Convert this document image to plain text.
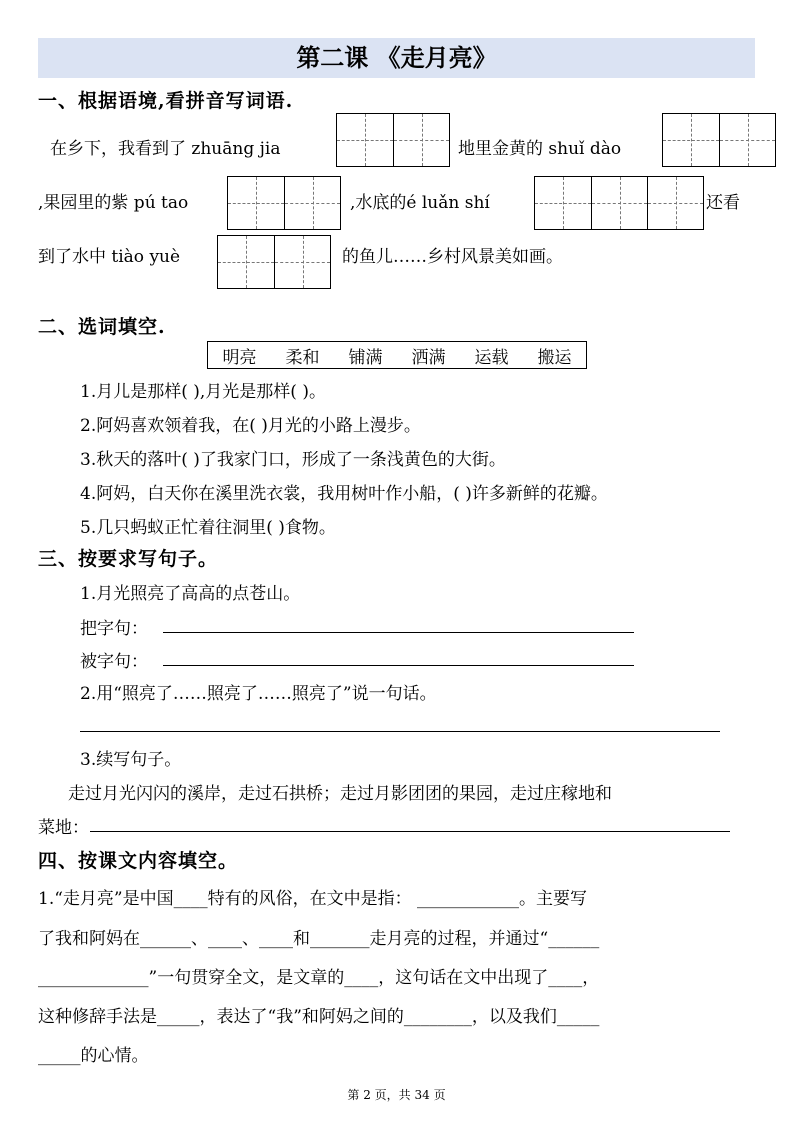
第二课 《走月亮》
一、根据语境,看拼音写词语.
在乡下，我看到了 zhuāng jia	地里金黄的 shuǐ dào
,果园里的紫 pú tao	,水底的é luǎn shí	还看
到了水中 tiào yuè	的鱼儿……乡村风景美如画。
二、选词填空.
明亮 柔和 铺满 洒满 运载 搬运
1.月儿是那样( ),月光是那样( )。
2.阿妈喜欢领着我，在( )月光的小路上漫步。
3.秋天的落叶( )了我家门口，形成了一条浅黄色的大街。
4.阿妈，白天你在溪里洗衣裳，我用树叶作小船，( )许多新鲜的花瓣。
5.几只蚂蚁正忙着往洞里( )食物。
三、按要求写句子。
1.月光照亮了高高的点苍山。
把字句：
被字句：
2.用“照亮了……照亮了……照亮了”说一句话。
3.续写句子。
走过月光闪闪的溪岸，走过石拱桥；走过月影团团的果园，走过庄稼地和
菜地：
四、按课文内容填空。
1.“走月亮”是中国____特有的风俗，在文中是指： ____________。主要写
了我和阿妈在______、____、____和_______走月亮的过程，并通过“______
_____________”一句贯穿全文，是文章的____，这句话在文中出现了____，
这种修辞手法是_____，表达了“我”和阿妈之间的________，以及我们_____
_____的心情。
第 2 页，共 34 页
